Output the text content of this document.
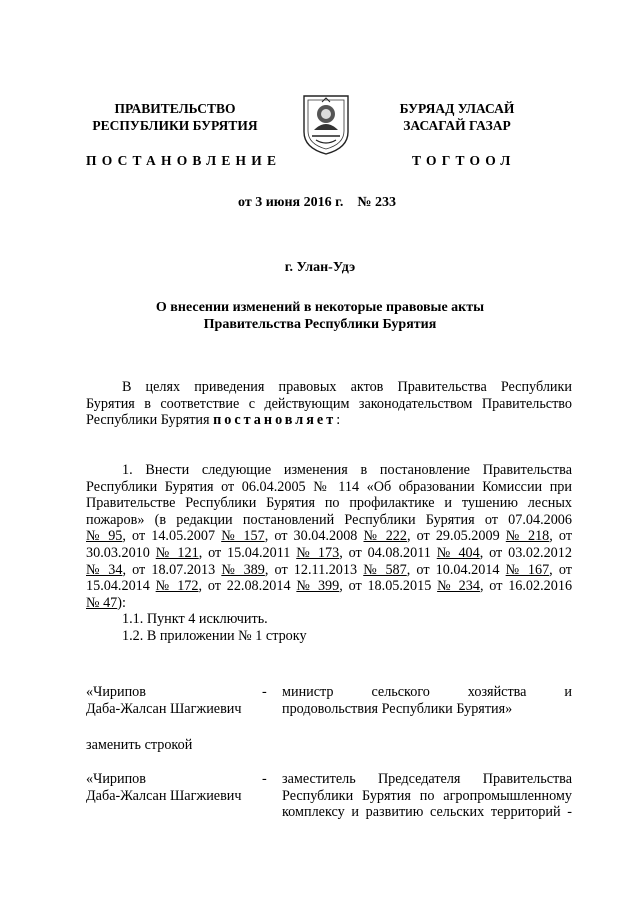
ПРАВИТЕЛЬСТВО
РЕСПУБЛИКИ БУРЯТИЯ
БУРЯАД УЛАСАЙ
ЗАСАГАЙ ГАЗАР
ПОСТАНОВЛЕНИЕ	ТОГТООЛ
от 3 июня 2016 г. № 233
г. Улан-Удэ
О внесении изменений в некоторые правовые акты
Правительства Республики Бурятия
В целях приведения правовых актов Правительства Республики
Бурятия в соответствие с действующим законодательством Правительство
Республики Бурятия постановляет:
1. Внести следующие изменения в постановление Правительства
Республики Бурятия от 06.04.2005 № 114 «Об образовании Комиссии при
Правительстве Республики Бурятия по профилактике и тушению лесных
пожаров» (в редакции постановлений Республики Бурятия от 07.04.2006
№ 95, от 14.05.2007 № 157, от 30.04.2008 № 222, от 29.05.2009 № 218, от
30.03.2010 № 121, от 15.04.2011 № 173, от 04.08.2011 № 404, от 03.02.2012
№ 34, от 18.07.2013 № 389, от 12.11.2013 № 587, от 10.04.2014 № 167, от
15.04.2014 № 172, от 22.08.2014 № 399, от 18.05.2015 № 234, от 16.02.2016
№ 47):
1.1. Пункт 4 исключить.
1.2. В приложении № 1 строку
«Чирипов
Даба-Жалсан Шагжиевич
- министр сельского хозяйства и
продовольствия Республики Бурятия»
заменить строкой
«Чирипов
Даба-Жалсан Шагжиевич
- заместитель Председателя Правительства
Республики Бурятия по агропромышленному
комплексу и развитию сельских территорий -
